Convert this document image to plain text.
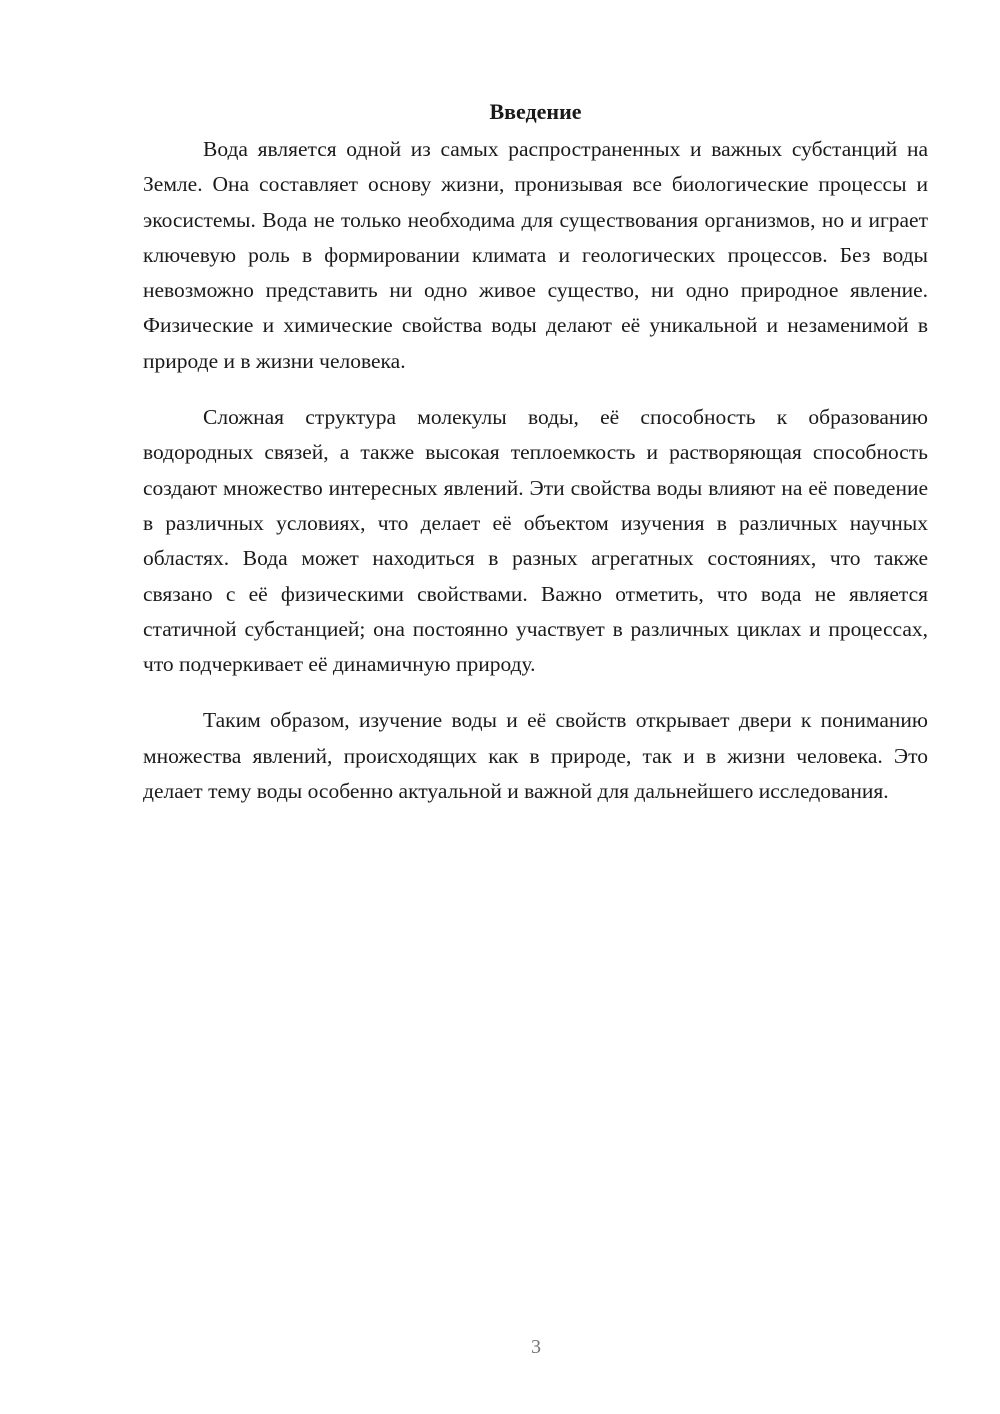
Введение

Вода является одной из самых распространенных и важных субстанций на Земле. Она составляет основу жизни, пронизывая все биологические процессы и экосистемы. Вода не только необходима для существования организмов, но и играет ключевую роль в формировании климата и геологических процессов. Без воды невозможно представить ни одно живое существо, ни одно природное явление. Физические и химические свойства воды делают её уникальной и незаменимой в природе и в жизни человека.

Сложная структура молекулы воды, её способность к образованию водородных связей, а также высокая теплоемкость и растворяющая способность создают множество интересных явлений. Эти свойства воды влияют на её поведение в различных условиях, что делает её объектом изучения в различных научных областях. Вода может находиться в разных агрегатных состояниях, что также связано с её физическими свойствами. Важно отметить, что вода не является статичной субстанцией; она постоянно участвует в различных циклах и процессах, что подчеркивает её динамичную природу.

Таким образом, изучение воды и её свойств открывает двери к пониманию множества явлений, происходящих как в природе, так и в жизни человека. Это делает тему воды особенно актуальной и важной для дальнейшего исследования.

3
